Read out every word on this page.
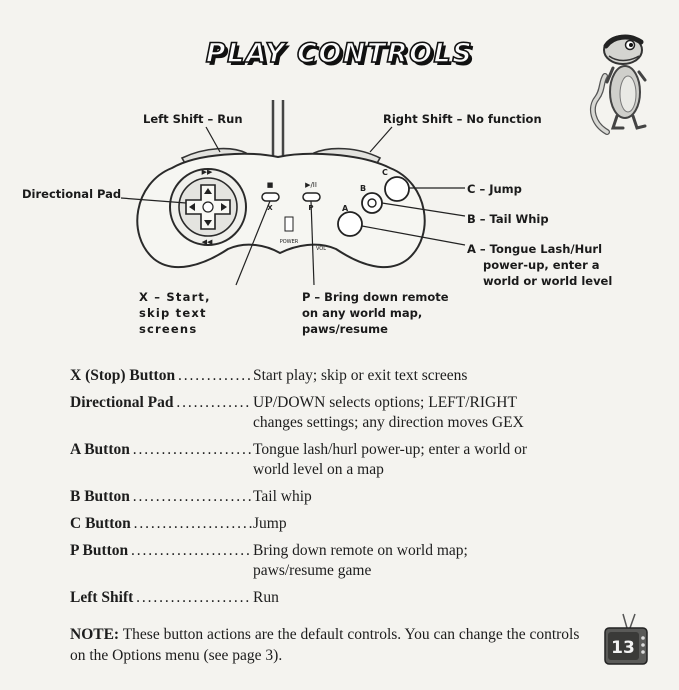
PLAY CONTROLS
▶▶
◀◀
■	▶/II
X	P
POWER
VOL
A
B
C
Left Shift – Run	Right Shift – No function
Directional Pad	C – Jump
B – Tail Whip
A – Tongue Lash/Hurl
power-up, enter a
world or world level
X – Start,
skip text
screens
P – Bring down remote
on any world map,
paws/resume
X (Stop) Button . . .	Start play; skip or exit text screens
Directional Pad . . .	UP/DOWN selects options; LEFT/RIGHT
changes settings; any direction moves GEX
A Button . . .	Tongue lash/hurl power-up; enter a world or
world level on a map
B Button . . .	Tail whip
C Button . . .	Jump
P Button . . .	Bring down remote on world map;
paws/resume game
Left Shift . . .	Run
NOTE: These button actions are the default controls. You can change the controls on the Options menu (see page 3).	13
